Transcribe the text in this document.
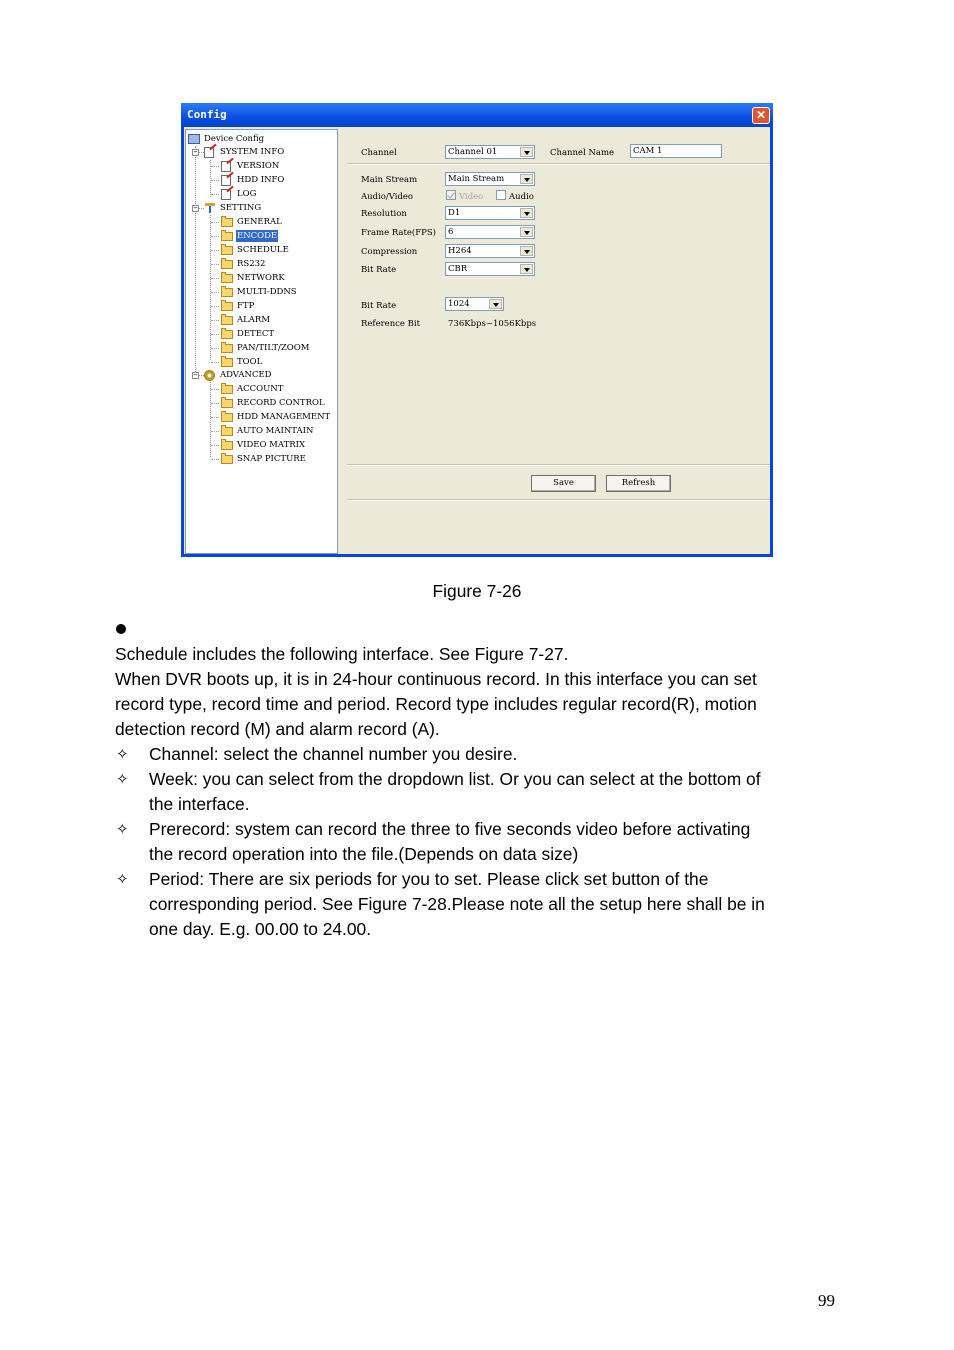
Config	✕
Device Config
−	SYSTEM INFO
VERSION
HDD INFO
LOG
−	SETTING
GENERAL
ENCODE
SCHEDULE
RS232
NETWORK
MULTI-DDNS
FTP
ALARM
DETECT
PAN/TILT/ZOOM
TOOL
−	ADVANCED
ACCOUNT
RECORD CONTROL
HDD MANAGEMENT
AUTO MAINTAIN
VIDEO MATRIX
SNAP PICTURE
Channel	Channel 01	Channel Name CAM 1
Main Stream	Main Stream
Audio/Video	Video	Audio
Resolution	D1
Frame Rate(FPS) 6
Compression	H264
Bit Rate	CBR
Bit Rate	1024
Reference Bit	736Kbps~1056Kbps
Save	Refresh
Figure 7-26
Schedule includes the following interface. See Figure 7-27.
When DVR boots up, it is in 24-hour continuous record. In this interface you can set
record type, record time and period. Record type includes regular record(R), motion
detection record (M) and alarm record (A).
✧ Channel: select the channel number you desire.
✧ Week: you can select from the dropdown list. Or you can select at the bottom of
the interface.
✧ Prerecord: system can record the three to five seconds video before activating
the record operation into the file.(Depends on data size)
✧ Period: There are six periods for you to set. Please click set button of the
corresponding period. See Figure 7-28.Please note all the setup here shall be in
one day. E.g. 00.00 to 24.00.
99
